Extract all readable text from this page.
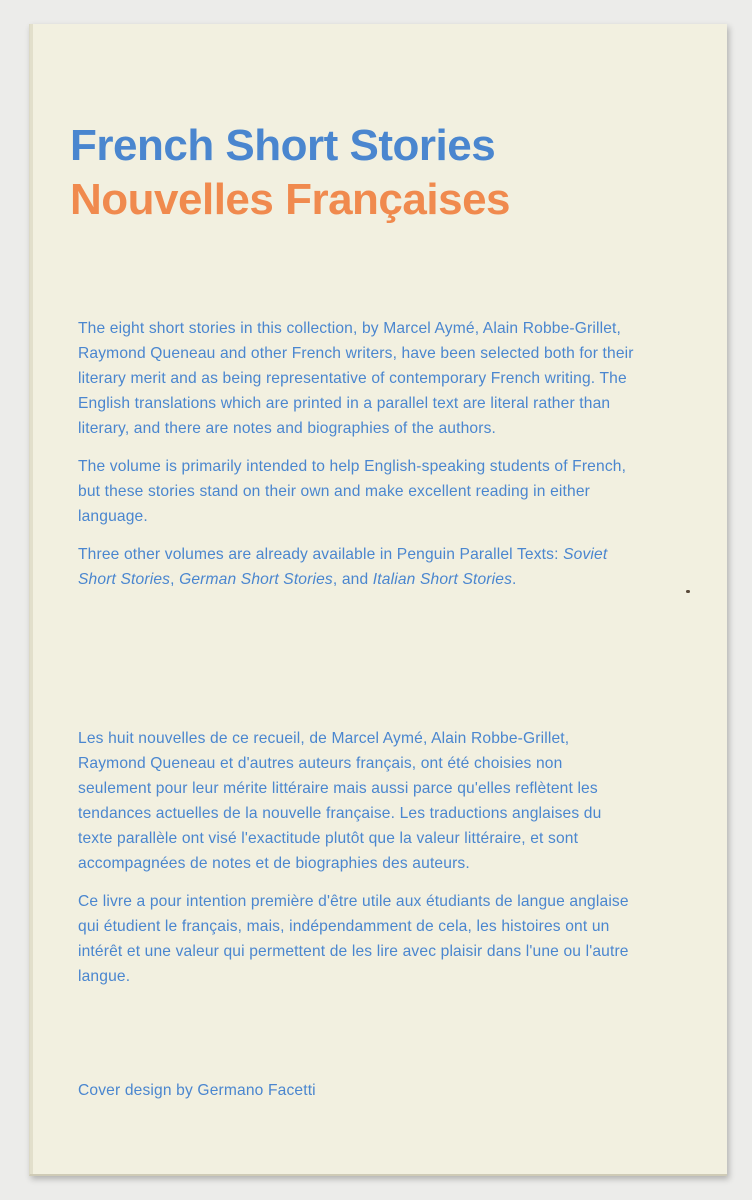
French Short Stories
Nouvelles Françaises

The eight short stories in this collection, by Marcel Aymé, Alain Robbe-Grillet, Raymond Queneau and other French writers, have been selected both for their literary merit and as being representative of contemporary French writing. The English translations which are printed in a parallel text are literal rather than literary, and there are notes and biographies of the authors.

The volume is primarily intended to help English-speaking students of French, but these stories stand on their own and make excellent reading in either language.

Three other volumes are already available in Penguin Parallel Texts: Soviet Short Stories, German Short Stories, and Italian Short Stories.

Les huit nouvelles de ce recueil, de Marcel Aymé, Alain Robbe-Grillet, Raymond Queneau et d'autres auteurs français, ont été choisies non seulement pour leur mérite littéraire mais aussi parce qu'elles reflètent les tendances actuelles de la nouvelle française. Les traductions anglaises du texte parallèle ont visé l'exactitude plutôt que la valeur littéraire, et sont accompagnées de notes et de biographies des auteurs.

Ce livre a pour intention première d'être utile aux étudiants de langue anglaise qui étudient le français, mais, indépendamment de cela, les histoires ont un intérêt et une valeur qui permettent de les lire avec plaisir dans l'une ou l'autre langue.

Cover design by Germano Facetti
